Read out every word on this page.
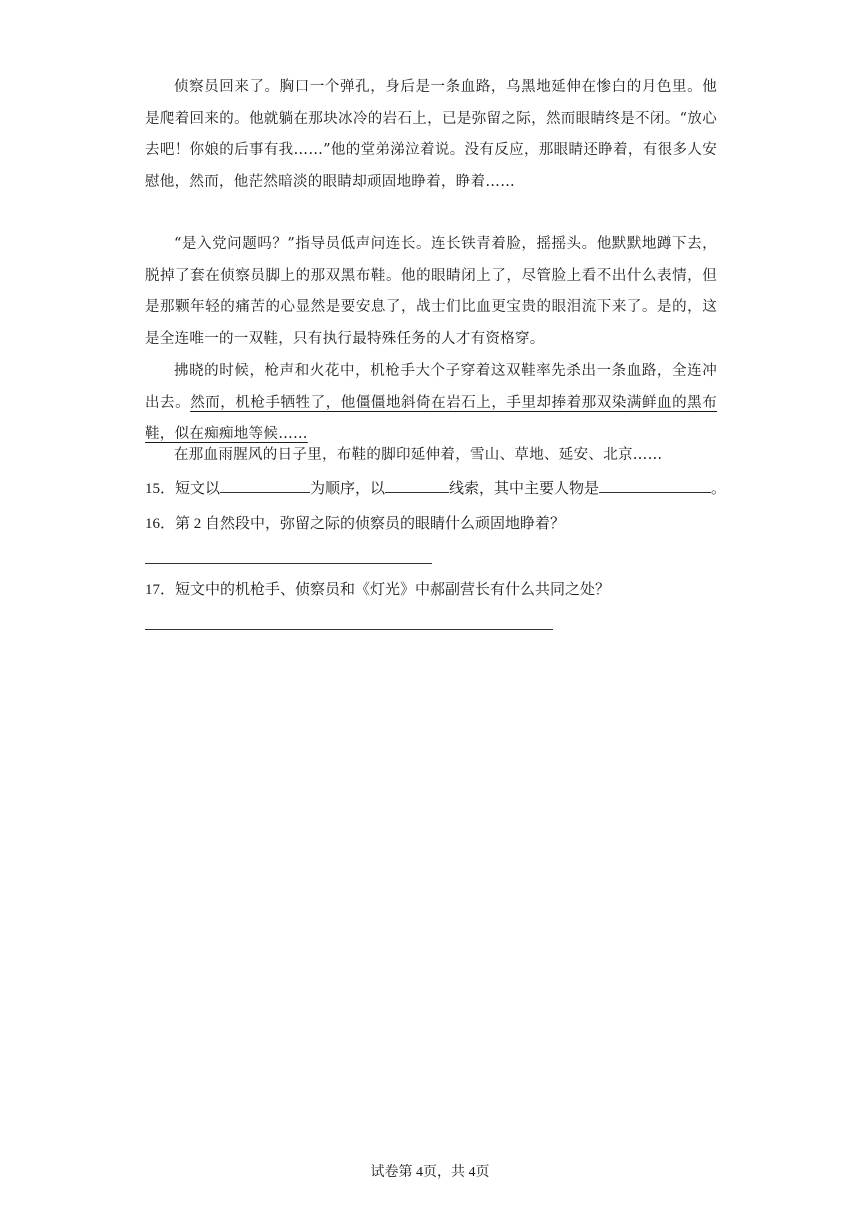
侦察员回来了。胸口一个弹孔，身后是一条血路，乌黑地延伸在惨白的月色里。他是爬着回来的。他就躺在那块冰冷的岩石上，已是弥留之际，然而眼睛终是不闭。“放心去吧！你娘的后事有我……”他的堂弟涕泣着说。没有反应，那眼睛还睁着，有很多人安慰他，然而，他茫然暗淡的眼睛却顽固地睁着，睁着……

“是入党问题吗？”指导员低声问连长。连长铁青着脸，摇摇头。他默默地蹲下去，脱掉了套在侦察员脚上的那双黑布鞋。他的眼睛闭上了，尽管脸上看不出什么表情，但是那颗年轻的痛苦的心显然是要安息了，战士们比血更宝贵的眼泪流下来了。是的，这是全连唯一的一双鞋，只有执行最特殊任务的人才有资格穿。

拂晓的时候，枪声和火花中，机枪手大个子穿着这双鞋率先杀出一条血路，全连冲出去。然而，机枪手牺牲了，他僵僵地斜倚在岩石上，手里却捧着那双染满鲜血的黑布鞋，似在痴痴地等候……

在那血雨腥风的日子里，布鞋的脚印延伸着，雪山、草地、延安、北京……

15．短文以	为顺序，以	线索，其中主要人物是	。

16．第 2 自然段中，弥留之际的侦察员的眼睛什么顽固地睁着？

17．短文中的机枪手、侦察员和《灯光》中郝副营长有什么共同之处？

试卷第 4页，共 4页
